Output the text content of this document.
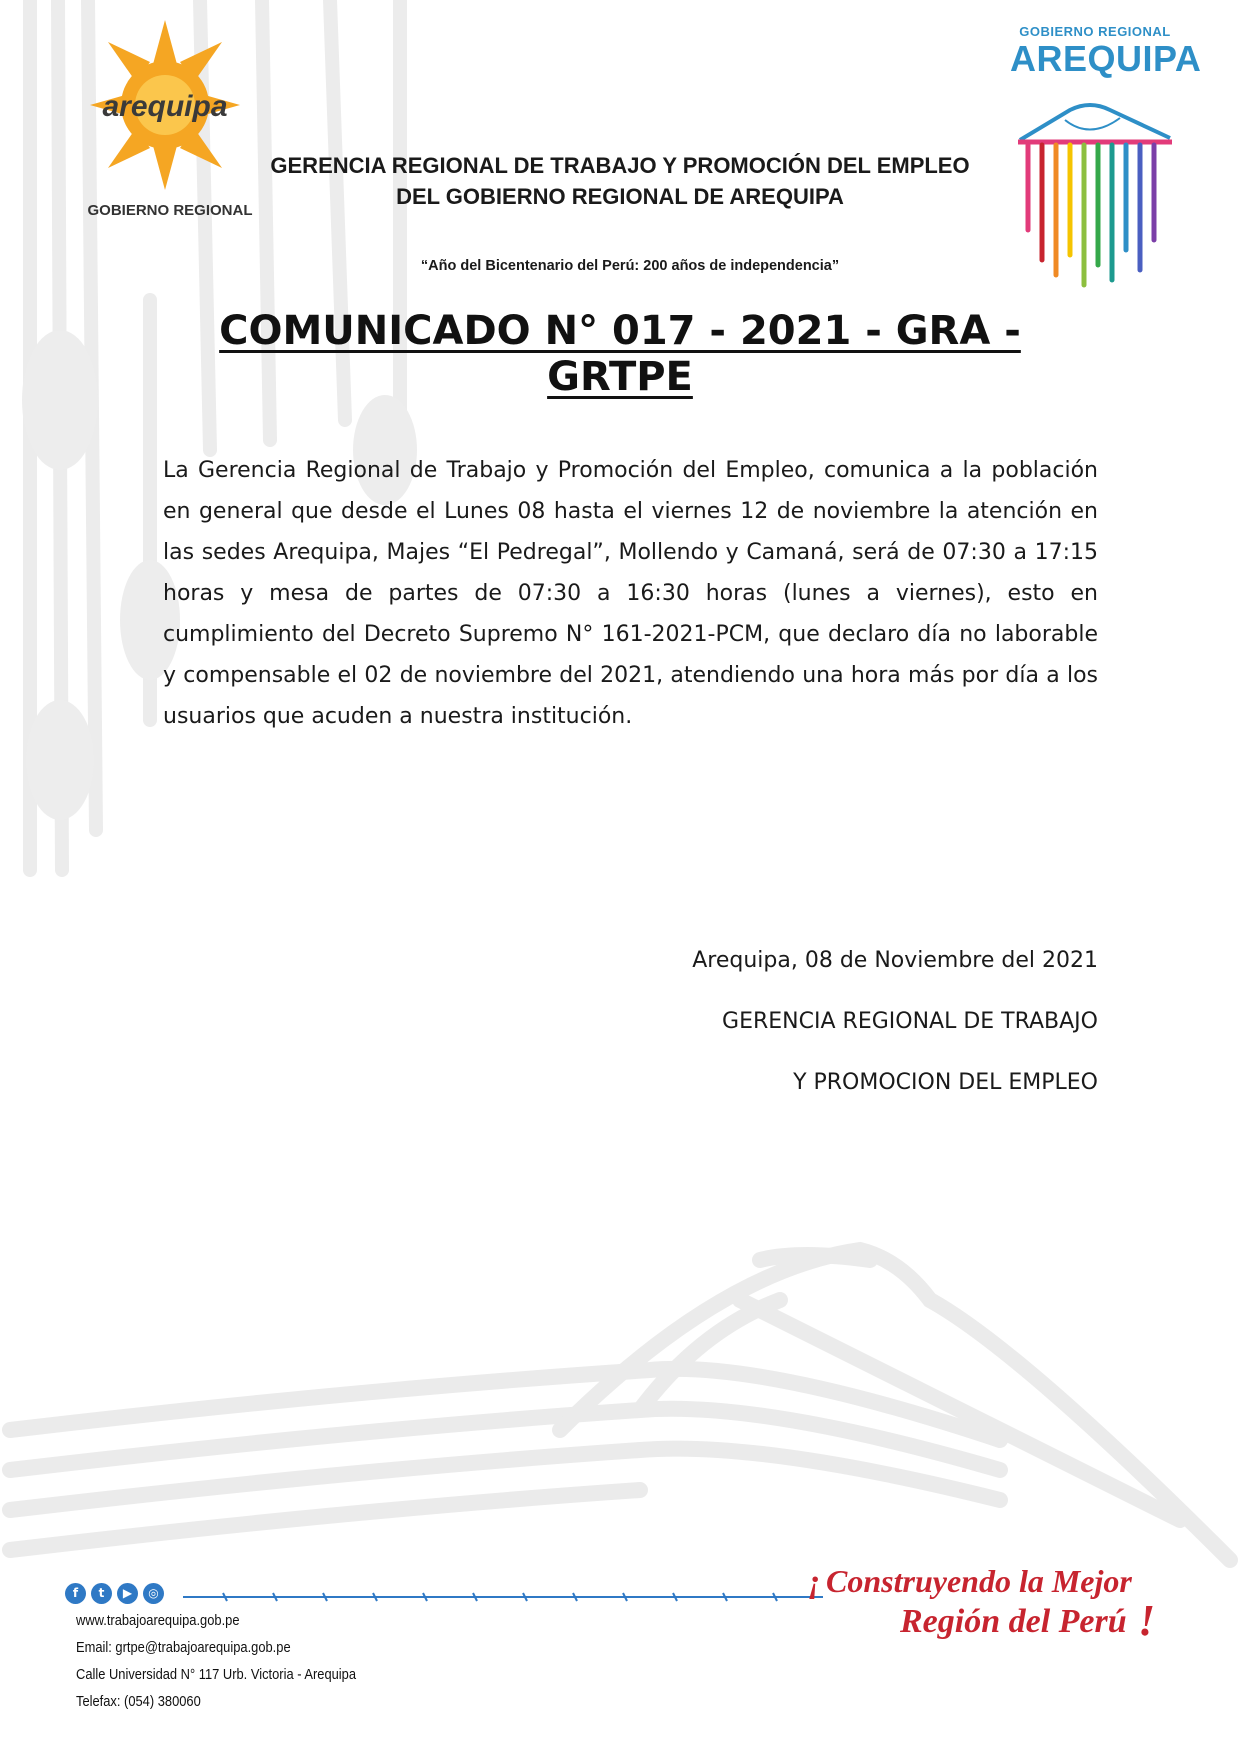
arequipa
GOBIERNO REGIONAL
GOBIERNO REGIONAL
AREQUIPA
GERENCIA REGIONAL DE TRABAJO Y PROMOCIÓN DEL EMPLEO
DEL GOBIERNO REGIONAL DE AREQUIPA
“Año del Bicentenario del Perú: 200 años de independencia”
COMUNICADO N° 017 - 2021 - GRA - GRTPE

La Gerencia Regional de Trabajo y Promoción del Empleo, comunica a la población en general que desde el Lunes 08 hasta el viernes 12 de noviembre la atención en las sedes Arequipa, Majes “El Pedregal”, Mollendo y Camaná, será de 07:30 a 17:15 horas y mesa de partes de 07:30 a 16:30 horas (lunes a viernes), esto en cumplimiento del Decreto Supremo N° 161-2021-PCM, que declaro día no laborable y compensable el 02 de noviembre del 2021, atendiendo una hora más por día a los usuarios que acuden a nuestra institución.

Arequipa, 08 de Noviembre del 2021
GERENCIA REGIONAL DE TRABAJO
Y PROMOCION DEL EMPLEO
f t ▶ ◎
www.trabajoarequipa.gob.pe
Email: grtpe@trabajoarequipa.gob.pe
Calle Universidad N° 117 Urb. Victoria - Arequipa
Telefax: (054) 380060
¡ Construyendo la Mejor
Región del Perú !
